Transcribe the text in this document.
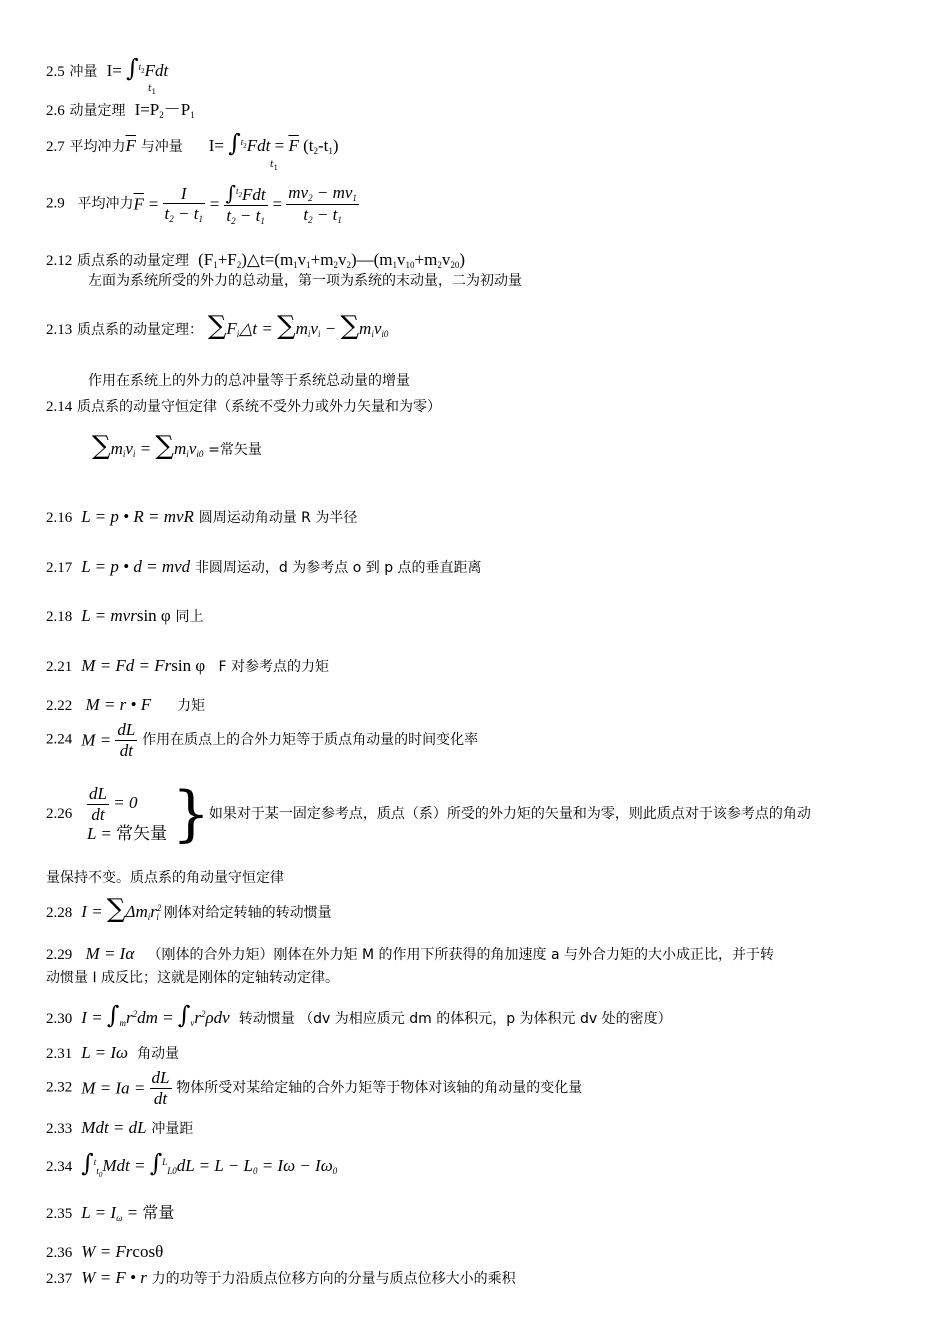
2.5 冲量  I= ∫$^{t_2}$Fdt
$t_1$
2.6 动量定理  $I=P_2-P_1$
2.7 平均冲力$\overline{F}$ 与冲量      $I= \int^{t_2}Fdt = \overline{F}$ $(t_2-t_1)$
$t_1$
2.9 平均冲力$\overline{F} = \frac{I}{t_2 - t_1} = \frac{\int^{t_2}Fdt}{t_2 - t_1} = \frac{mv_2 - mv_1}{t_2 - t_1}$
2.12 质点系的动量定理  $(F_1+F_2)\triangle t=(m_1v_1+m_2v_2)—(m_1v_{10}+m_2v_{20})$
左面为系统所受的外力的总动量，第一项为系统的末动量，二为初动量
2.13 质点系的动量定理： $\sum F_i\triangle t = \sum m_iv_i - \sum m_iv_{i0}$
作用在系统上的外力的总冲量等于系统总动量的增量
2.14 质点系的动量守恒定律（系统不受外力或外力矢量和为零）
$\sum m_iv_i = \sum m_iv_{i0}$ =常矢量
2.16  L = p • R = mvR 圆周运动角动量 R 为半径
2.17  L = p • d = mvd 非圆周运动，d 为参考点 o 到 p 点的垂直距离
2.18  L = mvrsin φ 同上
2.21  M = Fd = Frsin φ   F 对参考点的力矩
2.22   M = r • F      力矩
2.24  $M = \frac{dL}{dt}$ 作用在质点上的合外力矩等于质点角动量的时间变化率
$2.26 \frac{dL}{dt} = 0$
L = 常矢量 } 如果对于某一固定参考点，质点（系）所受的外力矩的矢量和为零，则此质点对于该参考点的角动
量保持不变。质点系的角动量守恒定律
2.28  $I = \sum\Delta m_ir^2_i$ 刚体对给定转轴的转动惯量
2.29   M = Iα   （刚体的合外力矩）刚体在外力矩 M 的作用下所获得的角加速度 a 与外合力矩的大小成正比，并于转
动惯量 I 成反比；这就是刚体的定轴转动定律。
2.30  $I = \int_mr^2dm = \int_vr^2\rho dv$  转动惯量 （dv 为相应质元 dm 的体积元，p 为体积元 dv 处的密度）
2.31  L = Iω  角动量
2.32  $M = Ia = \frac{dL}{dt}$ 物体所受对某给定轴的合外力矩等于物体对该轴的角动量的变化量
2.33  Mdt = dL 冲量距
2.34 $\int^t_{t_0}Mdt = \int^L_{L0}dL = L - L_0 = I\omega - I\omega_0$
2.35  $L = I_\omega$ = 常量
2.36  W = Frcosθ
2.37  W = F • r 力的功等于力沿质点位移方向的分量与质点位移大小的乘积
